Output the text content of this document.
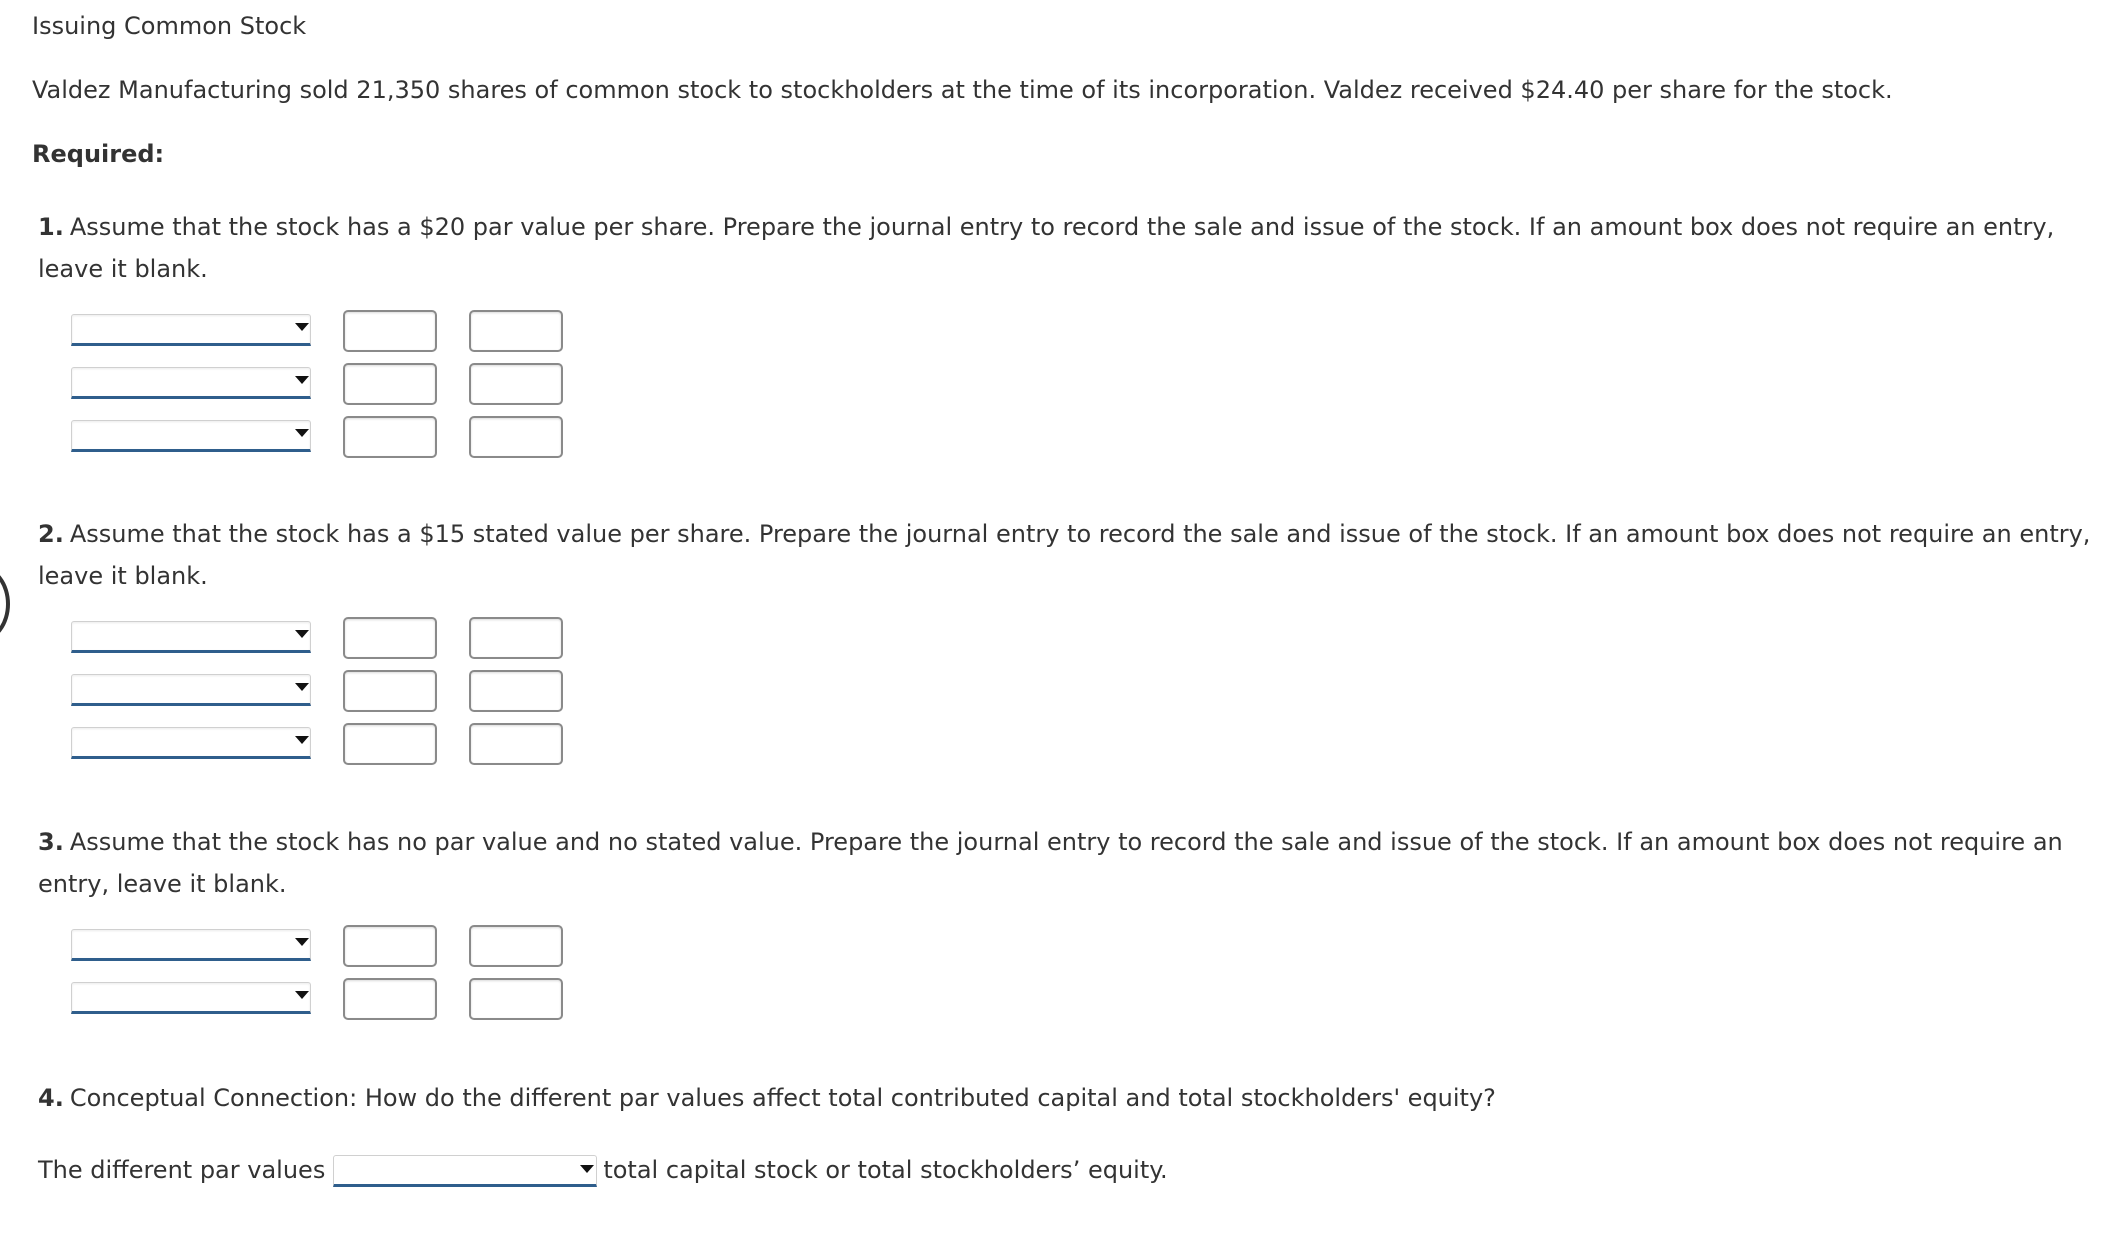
Issuing Common Stock
Valdez Manufacturing sold 21,350 shares of common stock to stockholders at the time of its incorporation. Valdez received $24.40 per share for the stock.
Required:
1. Assume that the stock has a $20 par value per share. Prepare the journal entry to record the sale and issue of the stock. If an amount box does not require an entry, leave it blank.
2. Assume that the stock has a $15 stated value per share. Prepare the journal entry to record the sale and issue of the stock. If an amount box does not require an entry, leave it blank.
3. Assume that the stock has no par value and no stated value. Prepare the journal entry to record the sale and issue of the stock. If an amount box does not require an entry, leave it blank.
4. Conceptual Connection: How do the different par values affect total contributed capital and total stockholders' equity?
The different par values	total capital stock or total stockholders’ equity.
